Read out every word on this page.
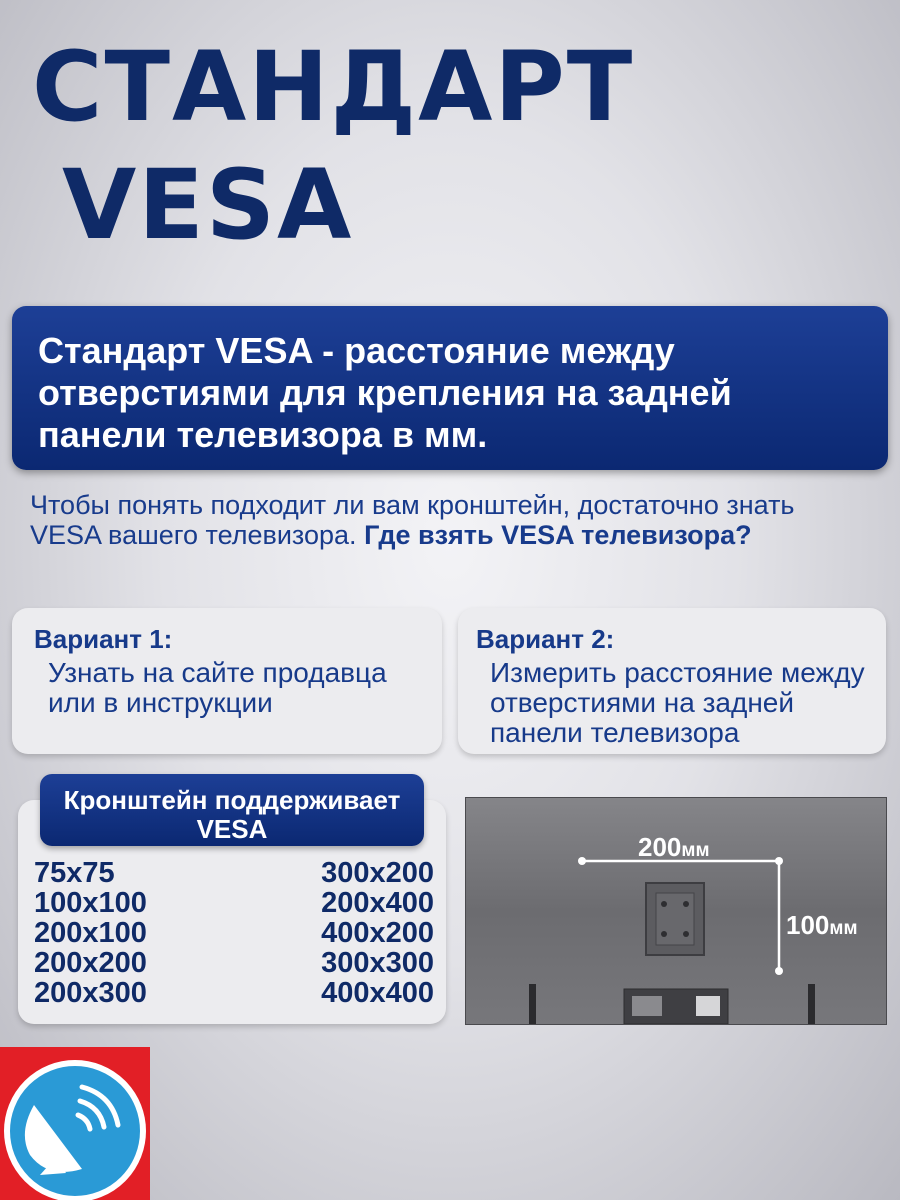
СТАНДАРТ
VESA
Стандарт VESA - расстояние между отверстиями для крепления на задней панели телевизора в мм.
Чтобы понять подходит ли вам кронштейн, достаточно знать VESA вашего телевизора. Где взять VESA телевизора?
Вариант 1:
Узнать на сайте продавца или в инструкции
Вариант 2:
Измерить расстояние между отверстиями на задней панели телевизора
Кронштейн поддерживает VESA
75x75	300x200
100x100	200x400
200x100	400x200
200x200	300x300
200x300	400x400
200мм
100мм
